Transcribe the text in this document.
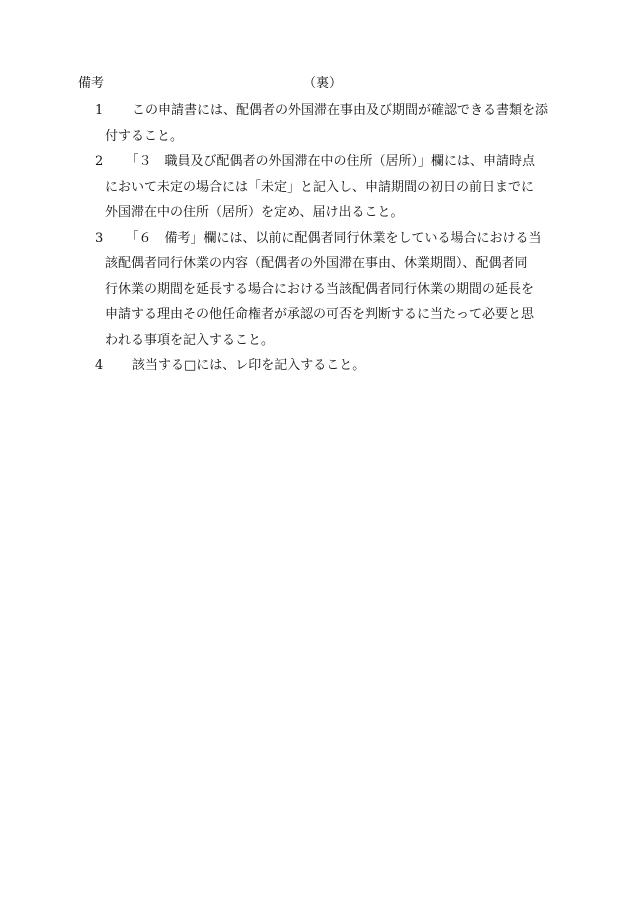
備考	（裏）
1	　この申請書には、配偶者の外国滞在事由及び期間が確認できる書類を添
付すること。
2	　「３　職員及び配偶者の外国滞在中の住所（居所）」欄には、申請時点
において未定の場合には「未定」と記入し、申請期間の初日の前日までに
外国滞在中の住所（居所）を定め、届け出ること。
3	　「６　備考」欄には、以前に配偶者同行休業をしている場合における当
該配偶者同行休業の内容（配偶者の外国滞在事由、休業期間）、配偶者同
行休業の期間を延長する場合における当該配偶者同行休業の期間の延長を
申請する理由その他任命権者が承認の可否を判断するに当たって必要と思
われる事項を記入すること。
4	　該当する□には、レ印を記入すること。
